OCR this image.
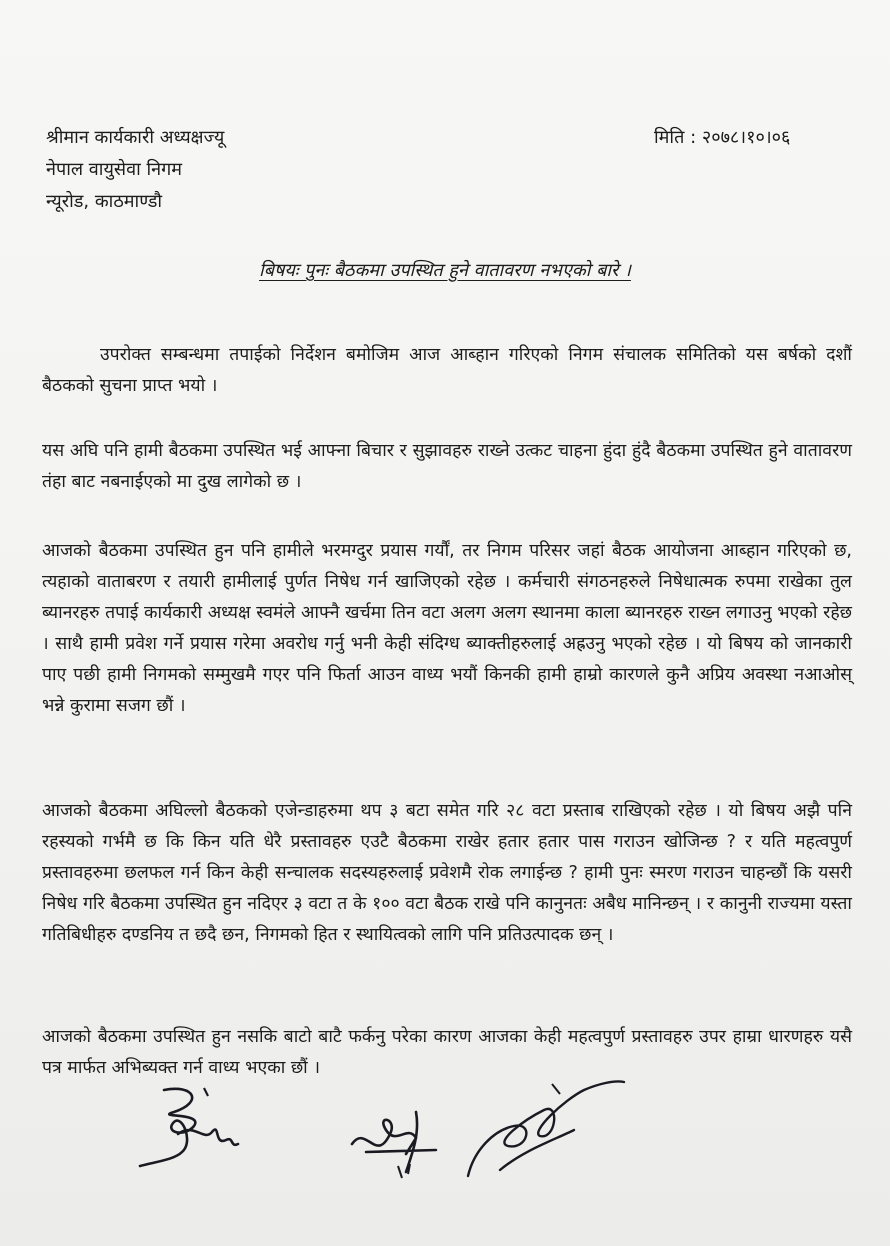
श्रीमान कार्यकारी अध्यक्षज्यू
नेपाल वायुसेवा निगम
न्यूरोड, काठमाण्डौ
मिति : २०७८।१०।०६
बिषयः पुनः बैठकमा उपस्थित हुने वातावरण नभएको बारे ।
उपरोक्त सम्बन्धमा तपाईको निर्देशन बमोजिम आज आब्हान गरिएको निगम संचालक समितिको यस बर्षको दशौं बैठकको सुचना प्राप्त भयो ।
यस अघि पनि हामी बैठकमा उपस्थित भई आफ्ना बिचार र सुझावहरु राख्ने उत्कट चाहना हुंदा हुंदै बैठकमा उपस्थित हुने वातावरण तंहा बाट नबनाईएको मा दुख लागेको छ ।
आजको बैठकमा उपस्थित हुन पनि हामीले भरमग्दुर प्रयास गर्यौं, तर निगम परिसर जहां बैठक आयोजना आब्हान गरिएको छ, त्यहाको वाताबरण र तयारी हामीलाई पुर्णत निषेध गर्न खाजिएको रहेछ । कर्मचारी संगठनहरुले निषेधात्मक रुपमा राखेका तुल ब्यानरहरु तपाई कार्यकारी अध्यक्ष स्वमंले आफ्नै खर्चमा तिन वटा अलग अलग स्थानमा काला ब्यानरहरु राख्न लगाउनु भएको रहेछ । साथै हामी प्रवेश गर्ने प्रयास गरेमा अवरोध गर्नु भनी केही संदिग्ध ब्याक्तीहरुलाई अह्रउनु भएको रहेछ । यो बिषय को जानकारी पाए पछी हामी निगमको सम्मुखमै गएर पनि फिर्ता आउन वाध्य भयौं किनकी हामी हाम्रो कारणले कुनै अप्रिय अवस्था नआओस् भन्ने कुरामा सजग छौं ।
आजको बैठकमा अघिल्लो बैठकको एजेन्डाहरुमा थप ३ बटा समेत गरि २८ वटा प्रस्ताब राखिएको रहेछ । यो बिषय अझै पनि रहस्यको गर्भमै छ कि किन यति धेरै प्रस्तावहरु एउटै बैठकमा राखेर हतार हतार पास गराउन खोजिन्छ ? र यति महत्वपुर्ण प्रस्तावहरुमा छलफल गर्न किन केही सन्चालक सदस्यहरुलाई प्रवेशमै रोक लगाईन्छ ? हामी पुनः स्मरण गराउन चाहन्छौं कि यसरी निषेध गरि बैठकमा उपस्थित हुन नदिएर ३ वटा त के १०० वटा बैठक राखे पनि कानुनतः अबैध मानिन्छन् । र कानुनी राज्यमा यस्ता गतिबिधीहरु दण्डनिय त छदै छन, निगमको हित र स्थायित्वको लागि पनि प्रतिउत्पादक छन् ।
आजको बैठकमा उपस्थित हुन नसकि बाटो बाटै फर्कनु परेका कारण आजका केही महत्वपुर्ण प्रस्तावहरु उपर हाम्रा धारणहरु यसै पत्र मार्फत अभिब्यक्त गर्न वाध्य भएका छौं ।
